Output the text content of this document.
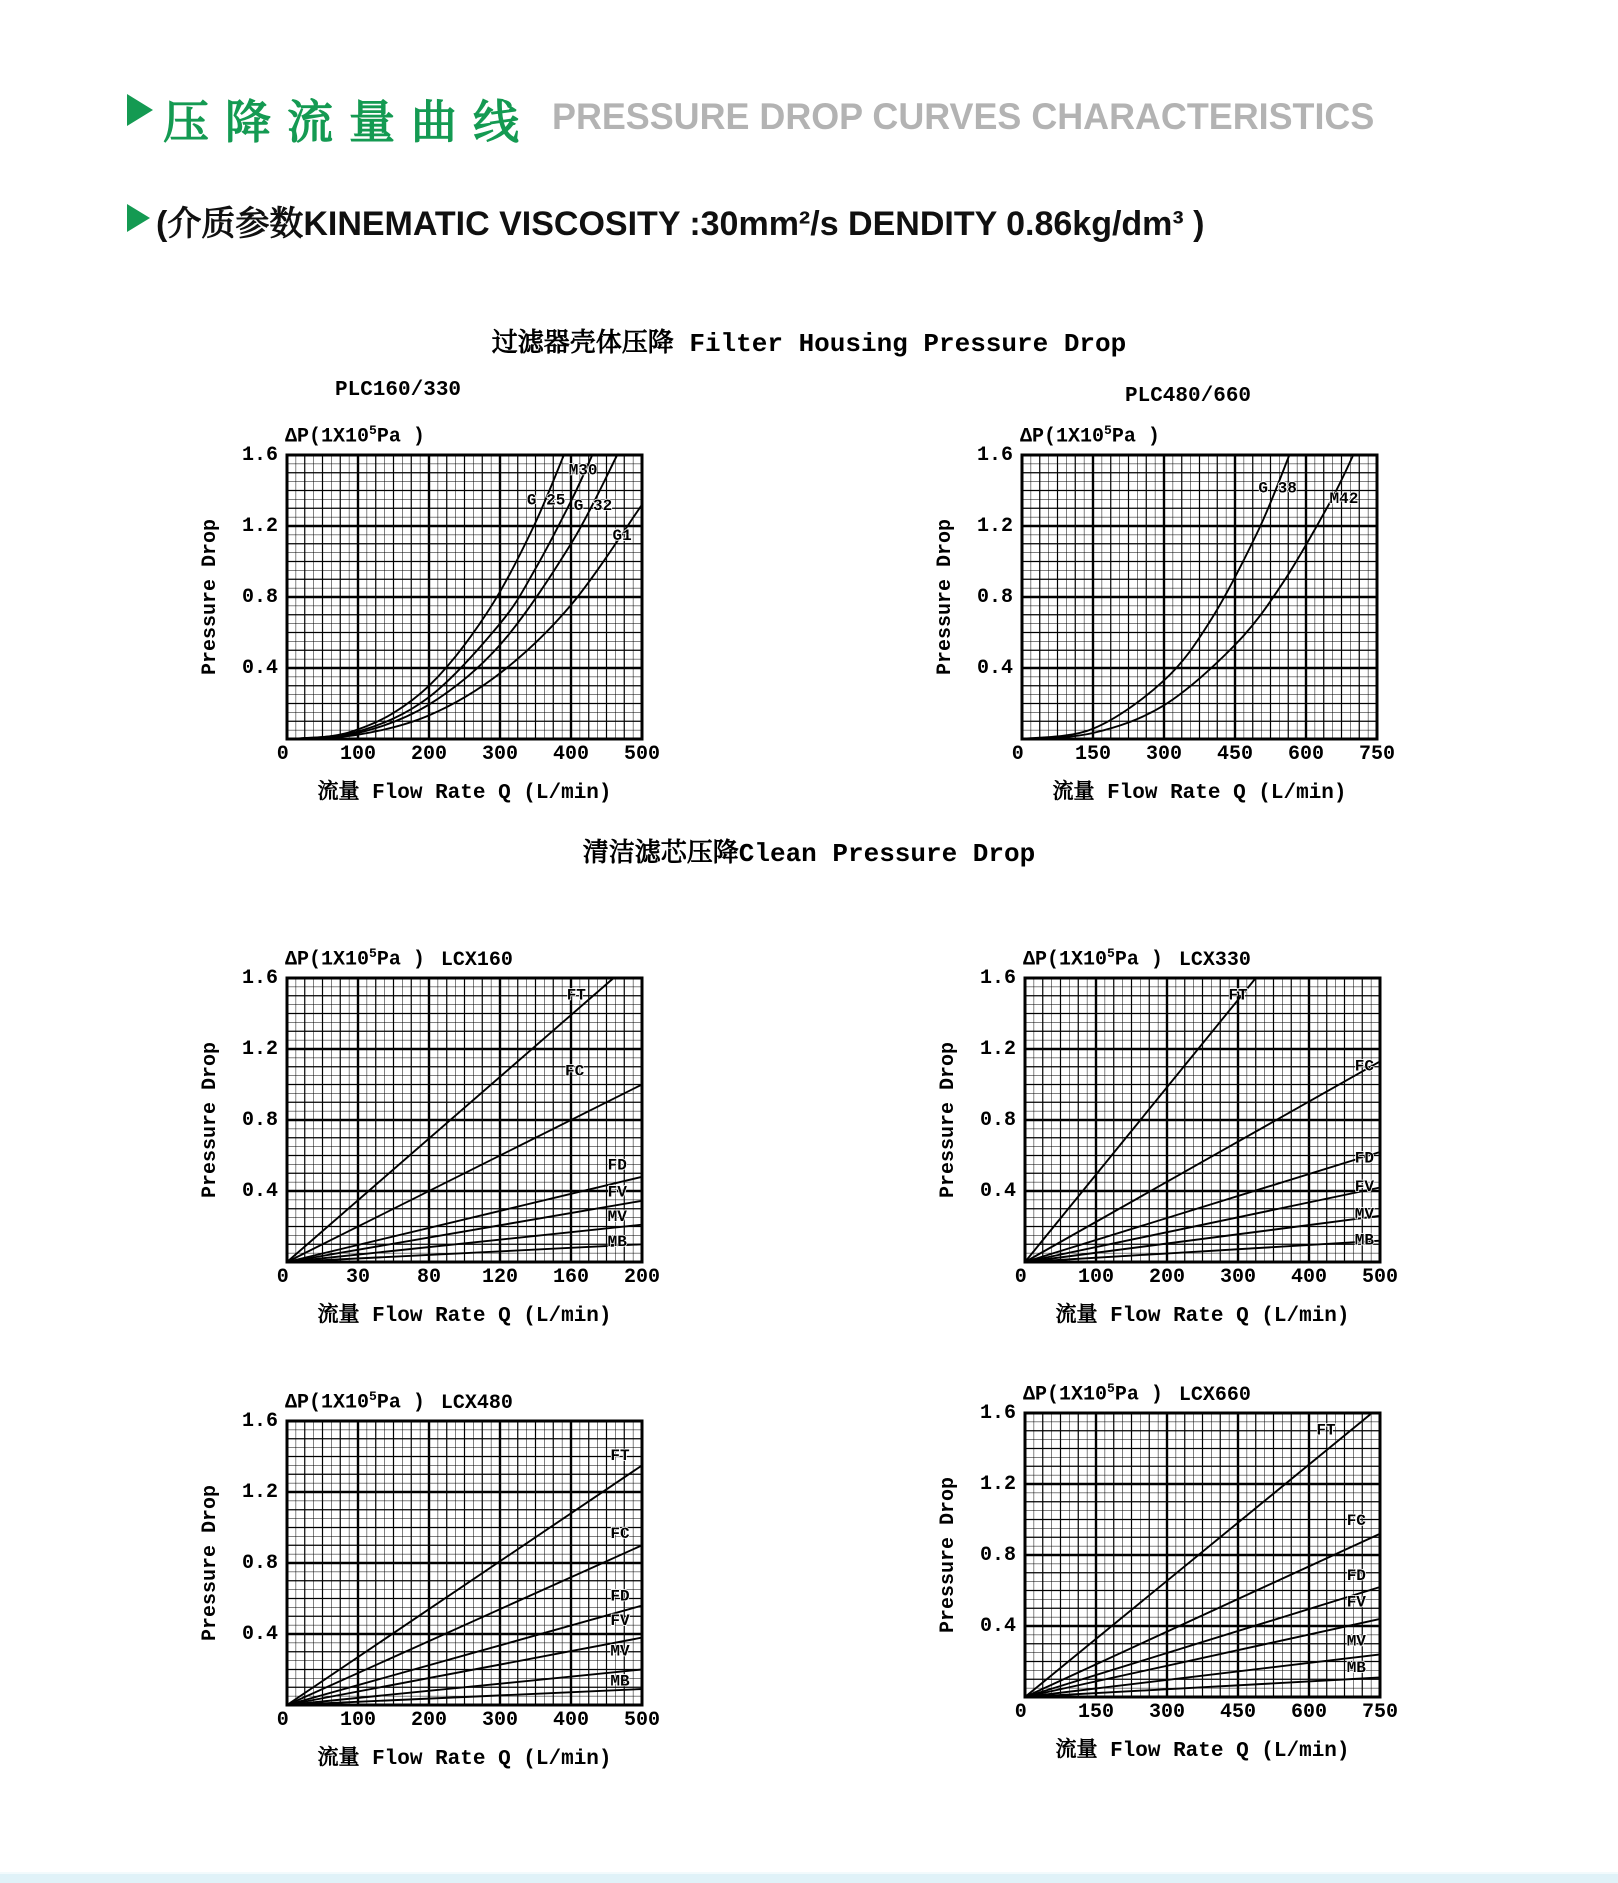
压降流量曲线 PRESSURE DROP CURVES CHARACTERISTICS
(介质参数KINEMATIC VISCOSITY :30mm²/s DENDITY 0.86kg/dm³ )
过滤器壳体压降 Filter Housing Pressure Drop
清洁滤芯压降Clean Pressure Drop
PLC160/330
$\Delta P(1X10^5Pa$ )
Pressure Drop
G 25
M30
G 32
G1
流量 Flow Rate Q (L/min)
1.6
1.2
0.8
0.4
0	100 200 300 400 500
PLC480/660
$\Delta P(1X10^5Pa$ )
Pressure Drop
G 38
M42
流量 Flow Rate Q (L/min)
1.6
1.2
0.8
0.4
0	150 300 450 600 750
$\Delta P(1X10^5Pa$ ) LCX160
Pressure Drop
FT
FC
FD
FV
MV
MB
流量 Flow Rate Q (L/min)
1.6
1.2
0.8
0.4
0	30 80 120 160 200
$\Delta P(1X10^5Pa$ ) LCX330
Pressure Drop
FT
FC
FD
FV
MV
MB
流量 Flow Rate Q (L/min)
1.6
1.2
0.8
0.4
0	100 200 300 400 500
$\Delta P(1X10^5Pa$ ) LCX480
Pressure Drop
FT
FC
FD
FV
MV
MB
流量 Flow Rate Q (L/min)
1.6
1.2
0.8
0.4
0	100 200 300 400 500
$\Delta P(1X10^5Pa$ ) LCX660
Pressure Drop
FT
FC
FD
FV
MV
MB
流量 Flow Rate Q (L/min)
1.6
1.2
0.8
0.4
0	150 300 450 600 750
